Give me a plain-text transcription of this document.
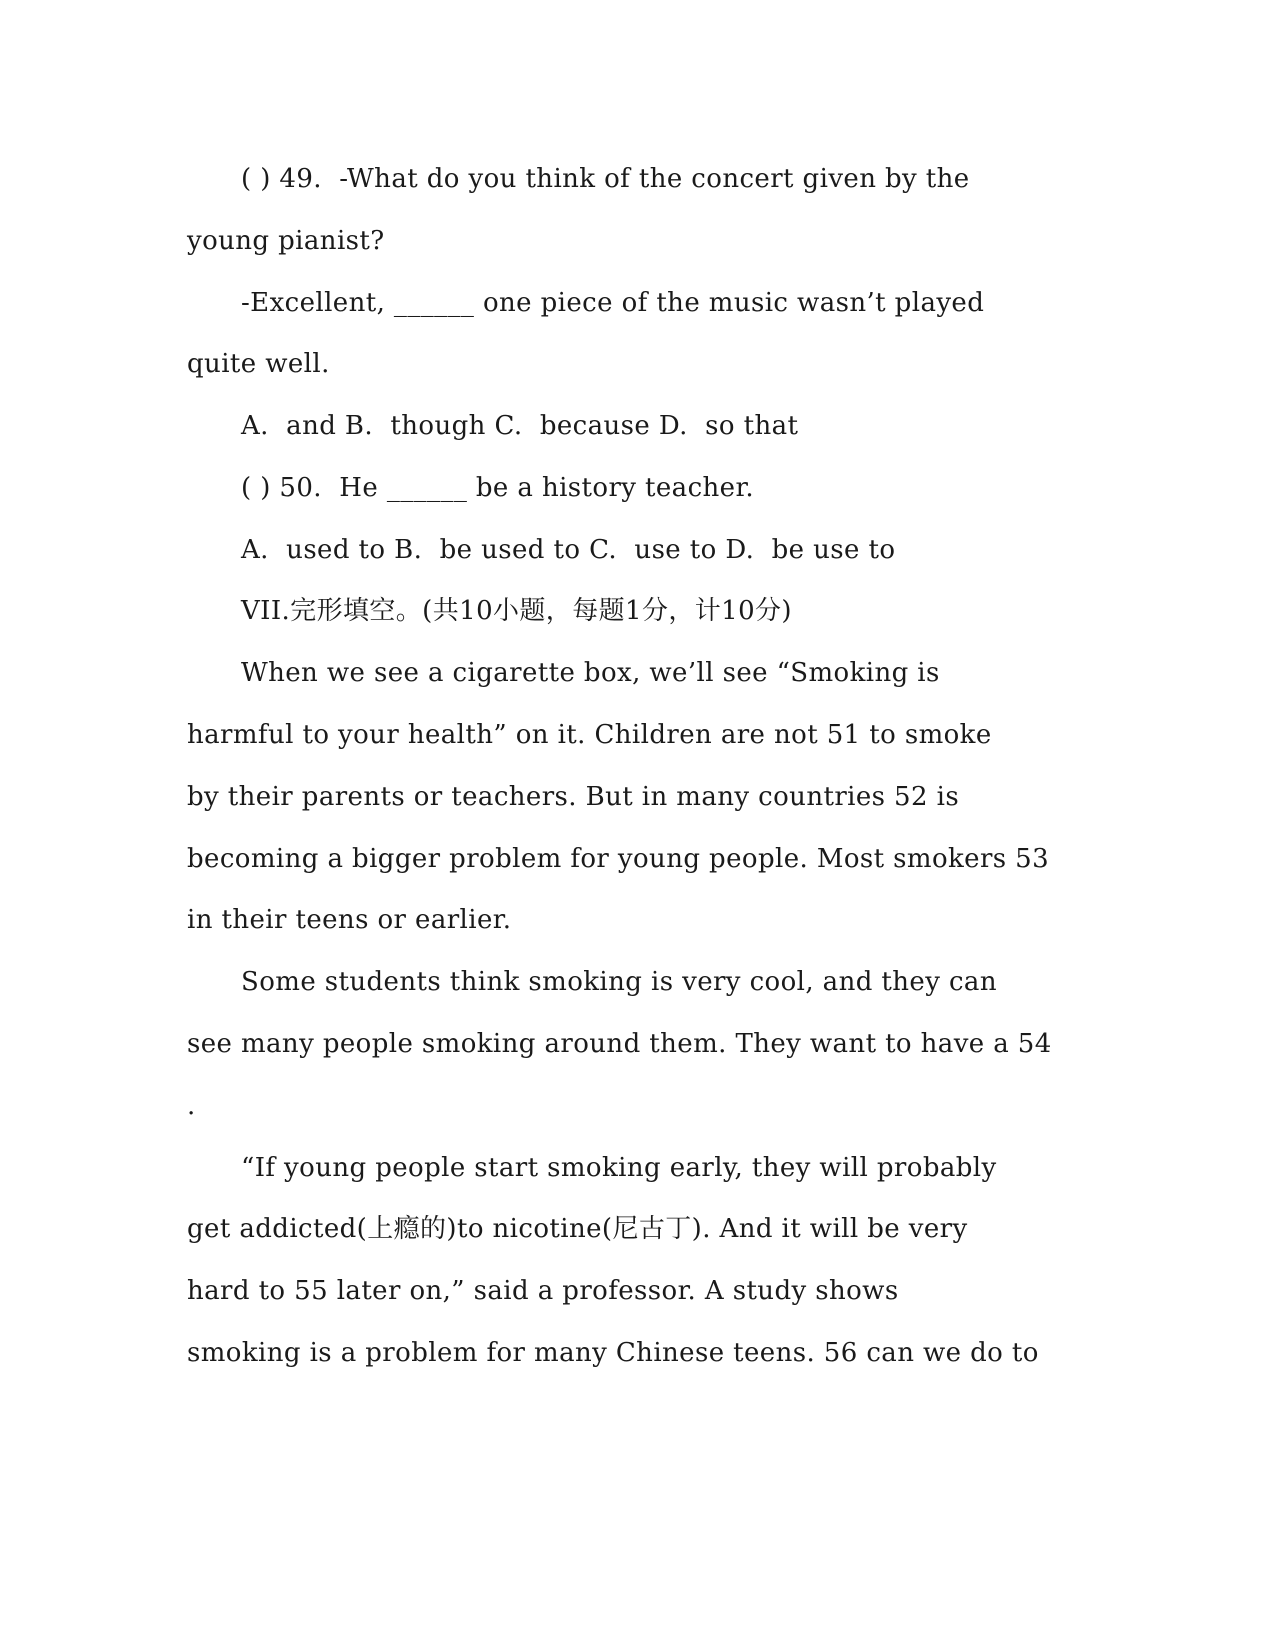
( ) 49.  -What do you think of the concert given by the
young pianist?
-Excellent, ______ one piece of the music wasn’t played
quite well.
A.  and B.  though C.  because D.  so that
( ) 50.  He ______ be a history teacher.
A.  used to B.  be used to C.  use to D.  be use to
VII.完形填空。(共10小题，每题1分，计10分)
When we see a cigarette box, we’ll see “Smoking is
harmful to your health” on it. Children are not 51 to smoke
by their parents or teachers. But in many countries 52 is
becoming a bigger problem for young people. Most smokers 53
in their teens or earlier.
Some students think smoking is very cool, and they can
see many people smoking around them. They want to have a 54
.
“If young people start smoking early, they will probably
get addicted(上瘾的)to nicotine(尼古丁). And it will be very
hard to 55 later on,” said a professor. A study shows
smoking is a problem for many Chinese teens. 56 can we do to
